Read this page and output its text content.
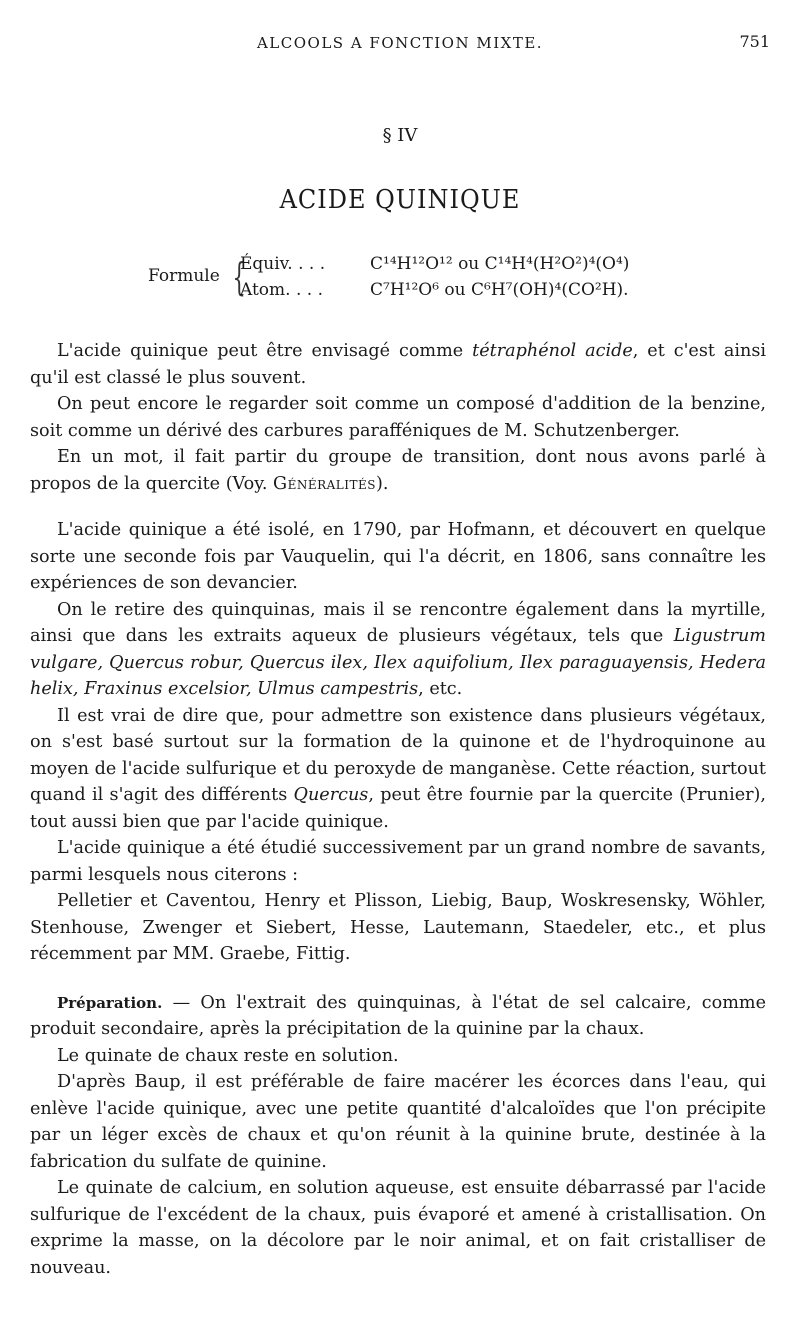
ALCOOLS A FONCTION MIXTE.	751
§ IV
ACIDE QUINIQUE
Formule {
Équiv. . . .	C¹⁴H¹²O¹² ou C¹⁴H⁴(H²O²)⁴(O⁴)
Atom. . . .	C⁷H¹²O⁶ ou C⁶H⁷(OH)⁴(CO²H).

L'acide quinique peut être envisagé comme tétraphénol acide, et c'est ainsi qu'il est classé le plus souvent.

On peut encore le regarder soit comme un composé d'addition de la benzine, soit comme un dérivé des carbures parafféniques de M. Schutzenberger.

En un mot, il fait partir du groupe de transition, dont nous avons parlé à propos de la quercite (Voy. Généralités).

L'acide quinique a été isolé, en 1790, par Hofmann, et découvert en quelque sorte une seconde fois par Vauquelin, qui l'a décrit, en 1806, sans connaître les expériences de son devancier.

On le retire des quinquinas, mais il se rencontre également dans la myrtille, ainsi que dans les extraits aqueux de plusieurs végétaux, tels que Ligustrum vulgare, Quercus robur, Quercus ilex, Ilex aquifolium, Ilex paraguayensis, Hedera helix, Fraxinus excelsior, Ulmus campestris, etc.

Il est vrai de dire que, pour admettre son existence dans plusieurs végétaux, on s'est basé surtout sur la formation de la quinone et de l'hydroquinone au moyen de l'acide sulfurique et du peroxyde de manganèse. Cette réaction, surtout quand il s'agit des différents Quercus, peut être fournie par la quercite (Prunier), tout aussi bien que par l'acide quinique.

L'acide quinique a été étudié successivement par un grand nombre de savants, parmi lesquels nous citerons :

Pelletier et Caventou, Henry et Plisson, Liebig, Baup, Woskresensky, Wöhler, Stenhouse, Zwenger et Siebert, Hesse, Lautemann, Staedeler, etc., et plus récemment par MM. Graebe, Fittig.

Préparation. — On l'extrait des quinquinas, à l'état de sel calcaire, comme produit secondaire, après la précipitation de la quinine par la chaux.

Le quinate de chaux reste en solution.

D'après Baup, il est préférable de faire macérer les écorces dans l'eau, qui enlève l'acide quinique, avec une petite quantité d'alcaloïdes que l'on précipite par un léger excès de chaux et qu'on réunit à la quinine brute, destinée à la fabrication du sulfate de quinine.

Le quinate de calcium, en solution aqueuse, est ensuite débarrassé par l'acide sulfurique de l'excédent de la chaux, puis évaporé et amené à cristallisation. On exprime la masse, on la décolore par le noir animal, et on fait cristalliser de nouveau.
